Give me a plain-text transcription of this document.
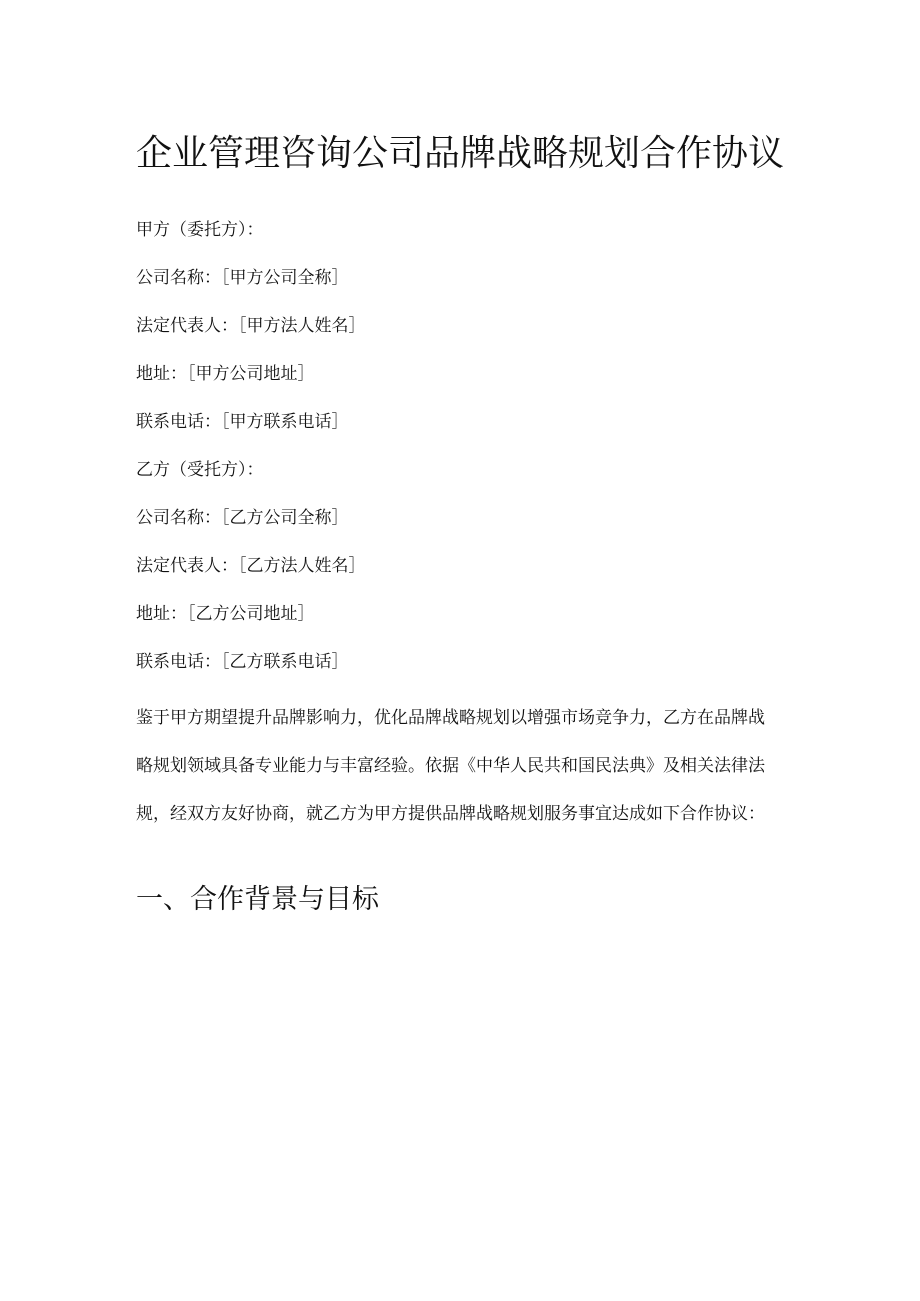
企业管理咨询公司品牌战略规划合作协议

甲方（委托方）：

公司名称：［甲方公司全称］

法定代表人：［甲方法人姓名］

地址：［甲方公司地址］

联系电话：［甲方联系电话］

乙方（受托方）：

公司名称：［乙方公司全称］

法定代表人：［乙方法人姓名］

地址：［乙方公司地址］

联系电话：［乙方联系电话］

鉴于甲方期望提升品牌影响力，优化品牌战略规划以增强市场竞争力，乙方在品牌战
略规划领域具备专业能力与丰富经验。依据《中华人民共和国民法典》及相关法律法
规，经双方友好协商，就乙方为甲方提供品牌战略规划服务事宜达成如下合作协议：
一、合作背景与目标
